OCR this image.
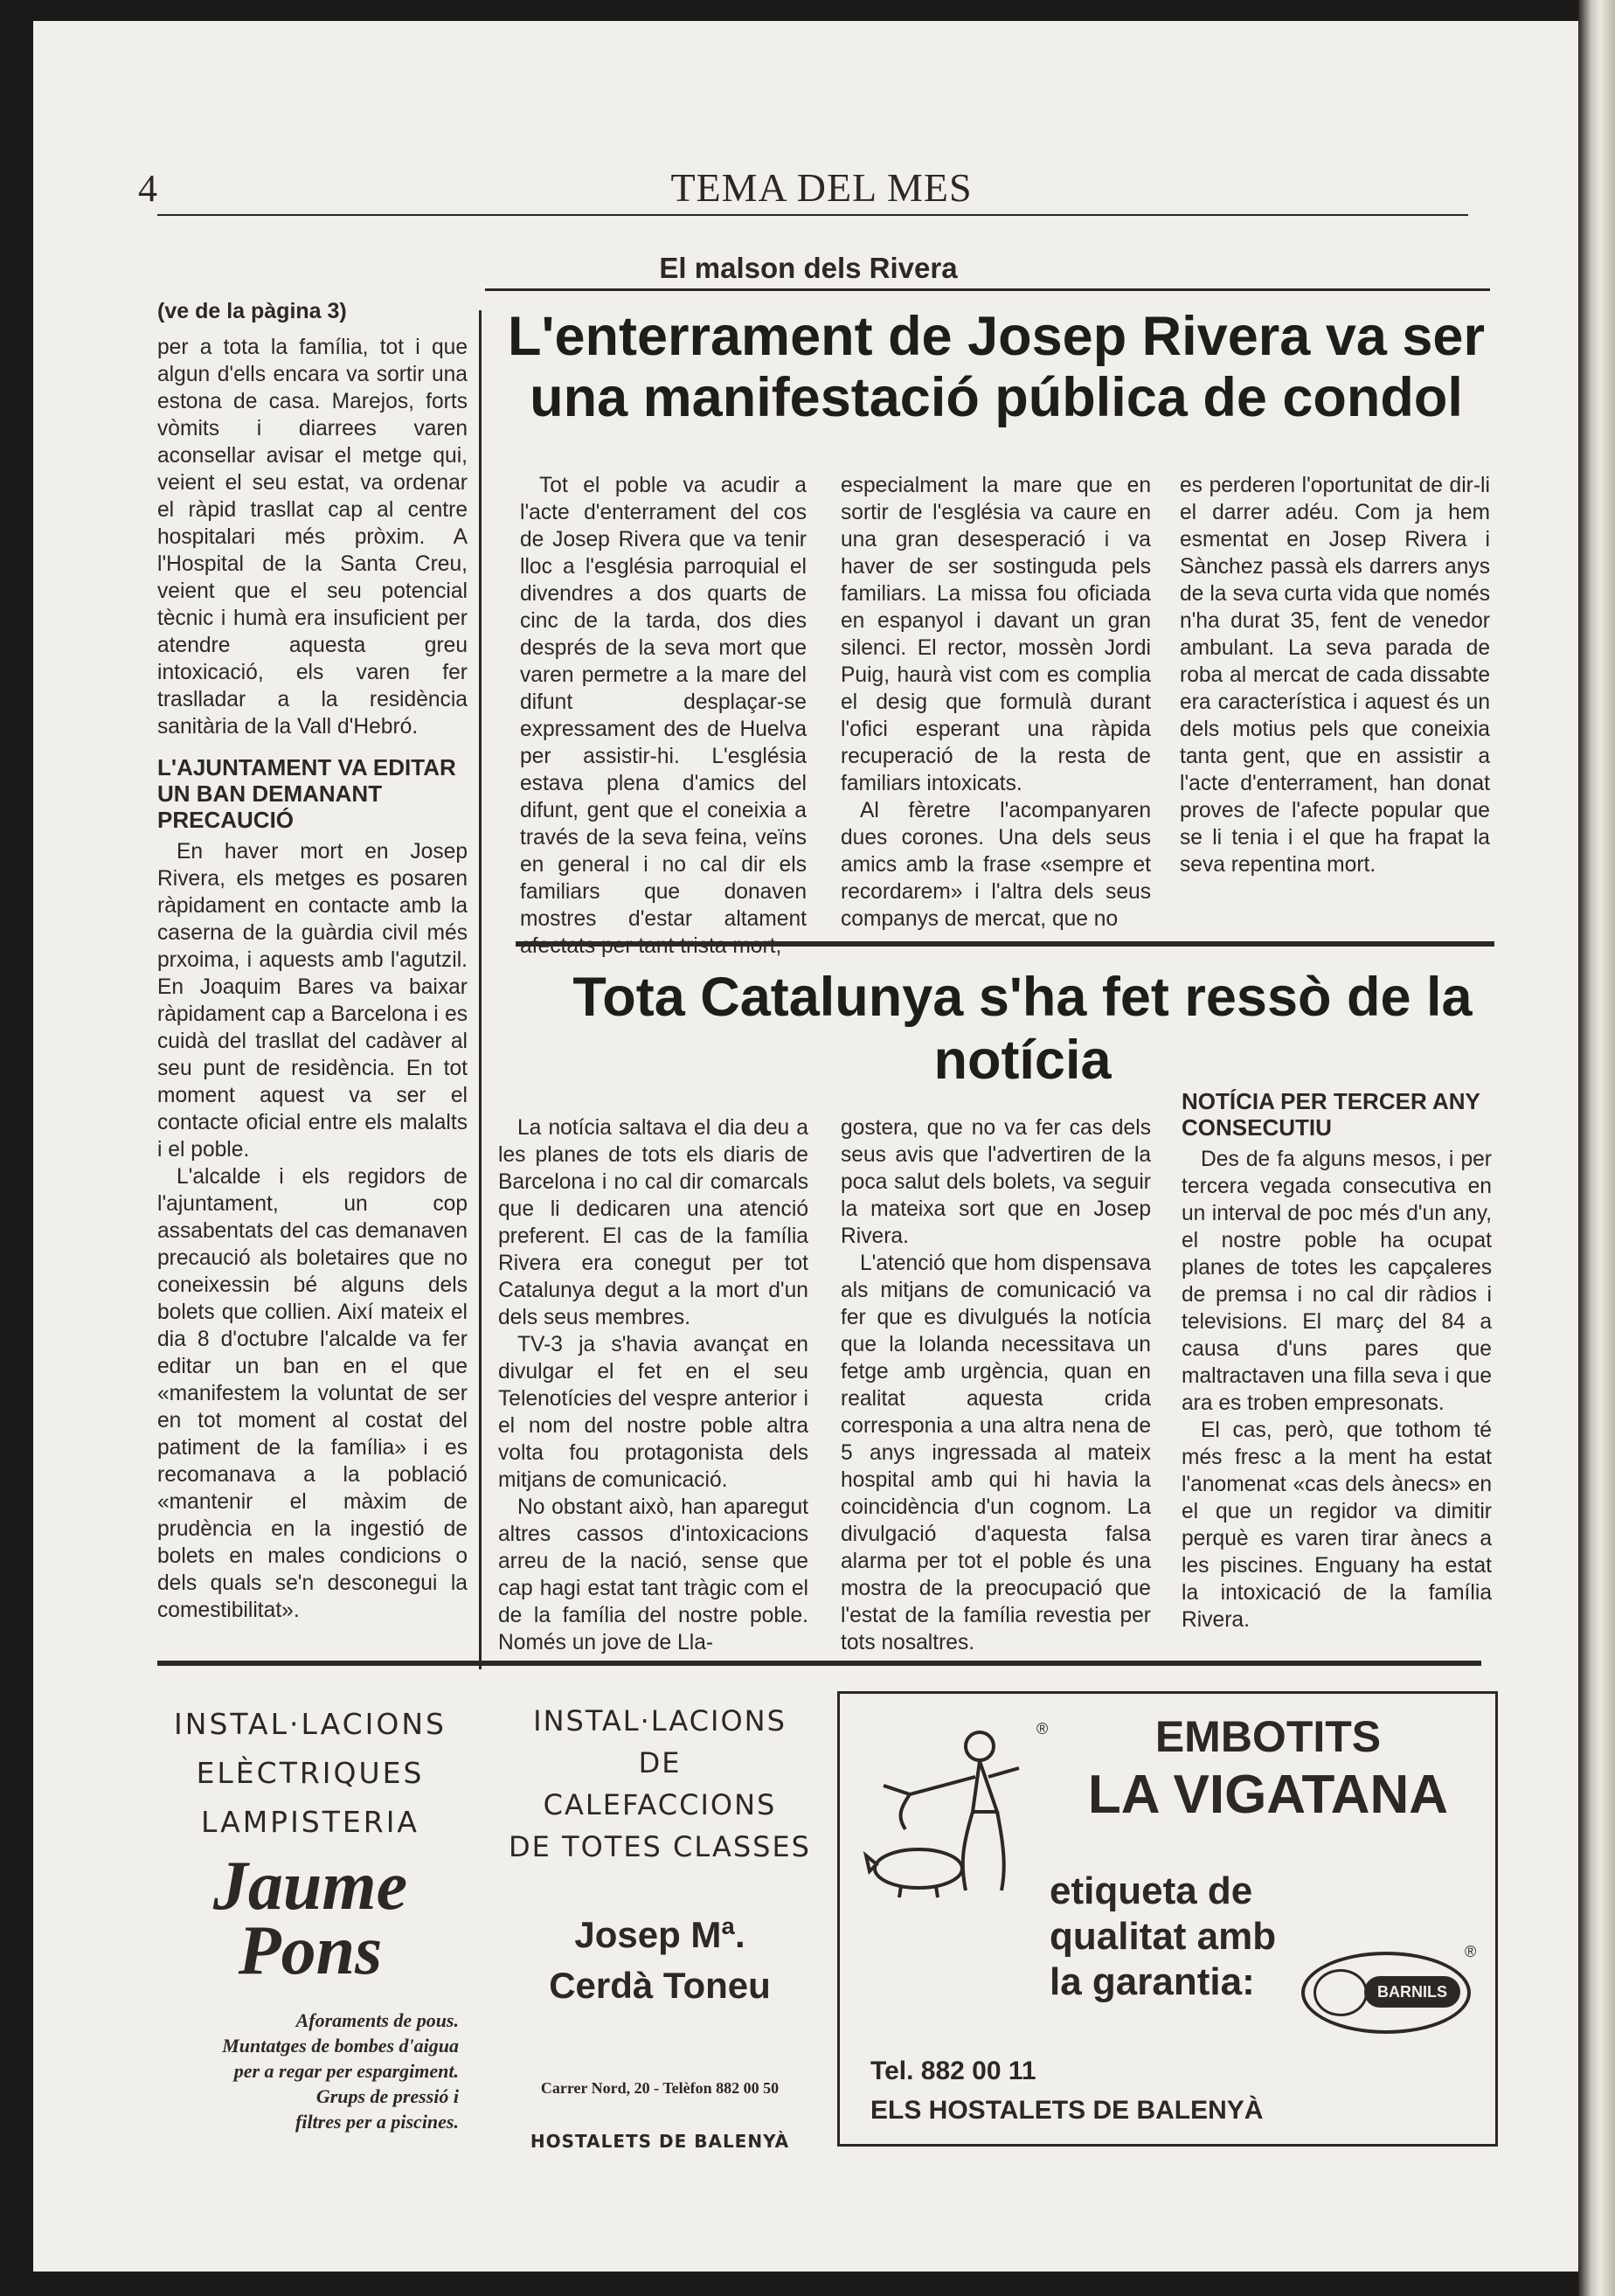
4	TEMA DEL MES
El malson dels Rivera
(ve de la pàgina 3)

per a tota la família, tot i que algun d'ells encara va sortir una estona de casa. Marejos, forts vòmits i diarrees varen aconsellar avisar el metge qui, veient el seu estat, va ordenar el ràpid trasllat cap al centre hospitalari més pròxim. A l'Hospital de la Santa Creu, veient que el seu potencial tècnic i humà era insuficient per atendre aquesta greu intoxicació, els varen fer traslladar a la residència sanitària de la Vall d'Hebró.

L'AJUNTAMENT VA EDITAR UN BAN DEMANANT PRECAUCIÓ

En haver mort en Josep Rivera, els metges es posaren ràpidament en contacte amb la caserna de la guàrdia civil més prxoima, i aquests amb l'agutzil. En Joaquim Bares va baixar ràpidament cap a Barcelona i es cuidà del trasllat del cadàver al seu punt de residència. En tot moment aquest va ser el contacte oficial entre els malalts i el poble.

L'alcalde i els regidors de l'ajuntament, un cop assabentats del cas demanaven precaució als boletaires que no coneixessin bé alguns dels bolets que collien. Així mateix el dia 8 d'octubre l'alcalde va fer editar un ban en el que «manifestem la voluntat de ser en tot moment al costat del patiment de la família» i es recomanava a la població «mantenir el màxim de prudència en la ingestió de bolets en males condicions o dels quals se'n desconegui la comestibilitat».

L'enterrament de Josep Rivera va ser una manifestació pública de condol

Tot el poble va acudir a l'acte d'enterrament del cos de Josep Rivera que va tenir lloc a l'església parroquial el divendres a dos quarts de cinc de la tarda, dos dies després de la seva mort que varen permetre a la mare del difunt desplaçar-se expressament des de Huelva per assistir-hi. L'església estava plena d'amics del difunt, gent que el coneixia a través de la seva feina, veïns en general i no cal dir els familiars que donaven mostres d'estar altament

especialment la mare que en sortir de l'església va caure en una gran desesperació i va haver de ser sostinguda pels familiars. La missa fou oficiada en espanyol i davant un gran silenci. El rector, mossèn Jordi Puig, haurà vist com es complia el desig que formulà durant l'ofici esperant una ràpida recuperació de la resta de familiars intoxicats.

Al fèretre l'acompanyaren dues corones. Una dels seus amics amb la frase «sempre et recordarem» i l'altra dels seus companys de mercat, que no

es perderen l'oportunitat de dir-li el darrer adéu. Com ja hem esmentat en Josep Rivera i Sànchez passà els darrers anys de la seva curta vida que només n'ha durat 35, fent de venedor ambulant. La seva parada de roba al mercat de cada dissabte era característica i aquest és un dels motius pels que coneixia tanta gent, que en assistir a l'acte d'enterrament, han donat proves de l'afecte popular que se li tenia i el que ha frapat la seva repentina mort.

Tota Catalunya s'ha fet ressò de la notícia

La notícia saltava el dia deu a les planes de tots els diaris de Barcelona i no cal dir comarcals que li dedicaren una atenció preferent. El cas de la família Rivera era conegut per tot Catalunya degut a la mort d'un dels seus membres.

TV-3 ja s'havia avançat en divulgar el fet en el seu Telenotícies del vespre anterior i el nom del nostre poble altra volta fou protagonista dels mitjans de comunicació.

No obstant això, han aparegut altres cassos d'intoxicacions arreu de la nació, sense que cap hagi estat tant tràgic com el de la família del nostre poble. Només un jove de Lla-

gostera, que no va fer cas dels seus avis que l'advertiren de la poca salut dels bolets, va seguir la mateixa sort que en Josep Rivera.

L'atenció que hom dispensava als mitjans de comunicació va fer que es divulgués la notícia que la Iolanda necessitava un fetge amb urgència, quan en realitat aquesta crida corresponia a una altra nena de 5 anys ingressada al mateix hospital amb qui hi havia la coincidència d'un cognom. La divulgació d'aquesta falsa alarma per tot el poble és una mostra de la preocupació que l'estat de la família revestia per tots nosaltres.

NOTÍCIA PER TERCER ANY CONSECUTIU

Des de fa alguns mesos, i per tercera vegada consecutiva en un interval de poc més d'un any, el nostre poble ha ocupat planes de totes les capçaleres de premsa i no cal dir ràdios i televisions. El març del 84 a causa d'uns pares que maltractaven una filla seva i que ara es troben empresonats.

El cas, però, que tothom té més fresc a la ment ha estat l'anomenat «cas dels ànecs» en el que un regidor va dimitir perquè es varen tirar ànecs a les piscines. Enguany ha estat la intoxicació de la família Rivera.

INSTAL·LACIONS
ELÈCTRIQUES
LAMPISTERIA
Jaume
Pons
Aforaments de pous.
Muntatges de bombes d'aigua
per a regar per espargiment.
Grups de pressió i
filtres per a piscines.
INSTAL·LACIONS DE
CALEFACCIONS
DE TOTES CLASSES
Josep Mª.
Cerdà Toneu
Carrer Nord, 20 - Telèfon 882 00 50
HOSTALETS DE BALENYÀ
®	EMBOTITS
LA VIGATANA
etiqueta de
qualitat amb
la garantia:	BARNILS
®
Tel. 882 00 11
ELS HOSTALETS DE BALENYÀ
